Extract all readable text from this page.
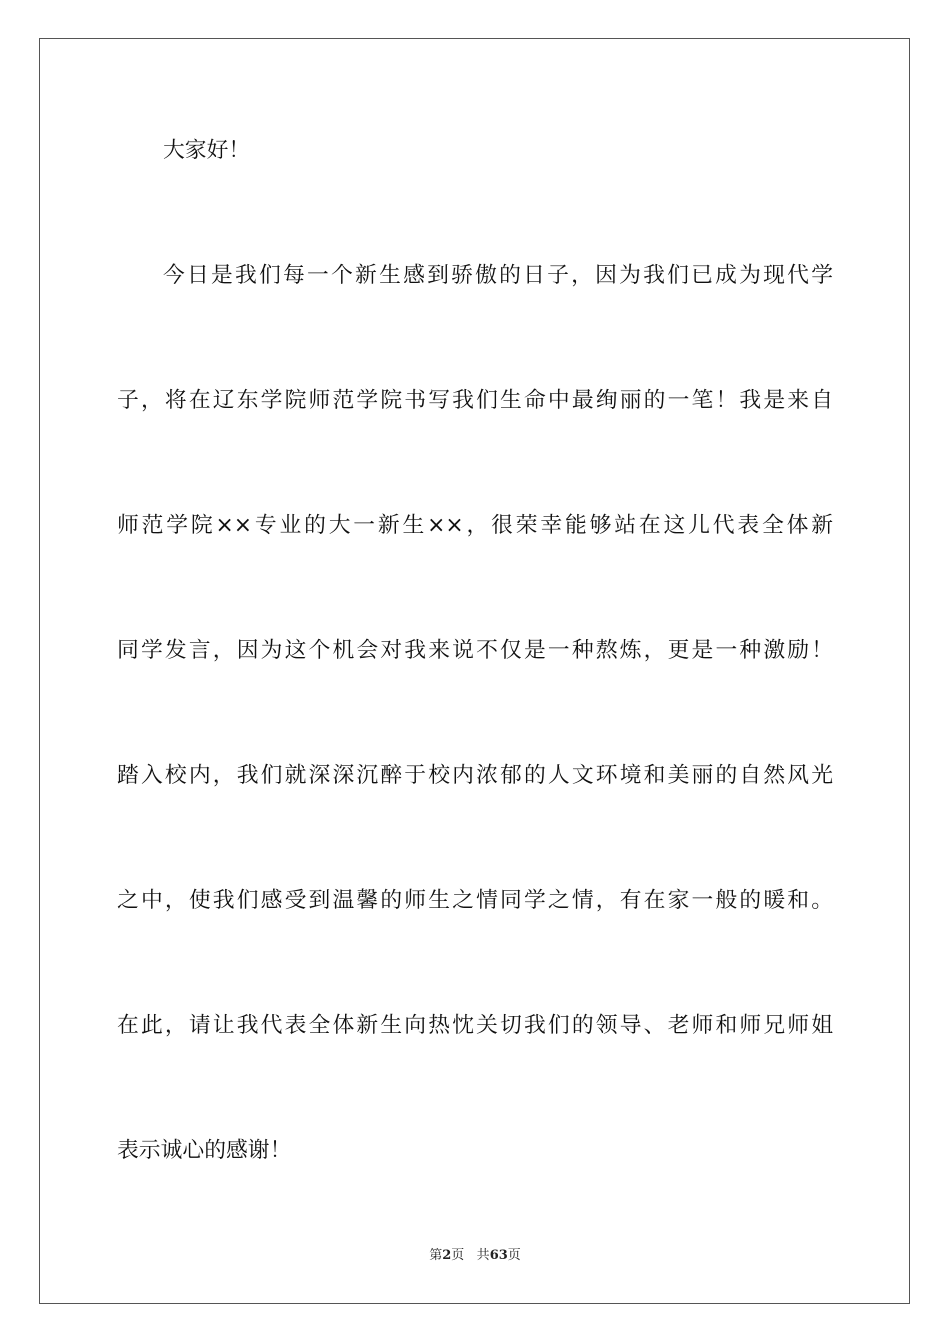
大家好！
今日是我们每一个新生感到骄傲的日子，因为我们已成为现代学
子，将在辽东学院师范学院书写我们生命中最绚丽的一笔！我是来自
师范学院××专业的大一新生××，很荣幸能够站在这儿代表全体新
同学发言，因为这个机会对我来说不仅是一种熬炼，更是一种激励！
踏入校内，我们就深深沉醉于校内浓郁的人文环境和美丽的自然风光
之中，使我们感受到温馨的师生之情同学之情，有在家一般的暖和。
在此，请让我代表全体新生向热忱关切我们的领导、老师和师兄师姐
表示诚心的感谢！
第2页 共63页
